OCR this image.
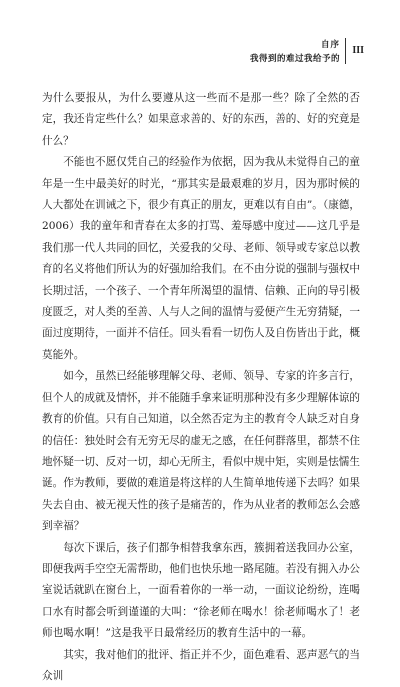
自序
我得到的难过我给予的
III

为什么要报从，为什么要遵从这一些而不是那一些？除了全然的否定，我还肯定些什么？如果意求善的、好的东西，善的、好的究竟是什么？

不能也不愿仅凭自己的经验作为依据，因为我从未觉得自己的童年是一生中最美好的时光，“那其实是最艰难的岁月，因为那时候的人大都处在训诫之下，很少有真正的朋友，更难以有自由”。（康德，2006）我的童年和青春在太多的打骂、羞辱感中度过——这几乎是我们那一代人共同的回忆，关爱我的父母、老师、领导或专家总以教育的名义将他们所认为的好强加给我们。在不由分说的强制与强权中长期过活，一个孩子、一个青年所渴望的温情、信赖、正向的导引极度匮乏，对人类的至善、人与人之间的温情与爱便产生无穷猜疑，一面过度期待，一面并不信任。回头看看一切伤人及自伤皆出于此，概莫能外。

如今，虽然已经能够理解父母、老师、领导、专家的许多言行，但个人的成就及情怀，并不能随手拿来证明那种没有多少理解体谅的教育的价值。只有自己知道，以全然否定为主的教育令人缺乏对自身的信任：独处时会有无穷无尽的虚无之感，在任何群落里，都禁不住地怀疑一切、反对一切，却心无所主，看似中规中矩，实则是怯懦生诞。作为教师，要做的难道是将这样的人生简单地传递下去吗？如果失去自由、被无视天性的孩子是痛苦的，作为从业者的教师怎么会感到幸福？

每次下课后，孩子们都争相替我拿东西，簇拥着送我回办公室，即便我两手空空无需帮助，他们也快乐地一路尾随。若没有拥入办公室说话就趴在窗台上，一面看着你的一举一动，一面议论纷纷，连喝口水有时都会听到谨谨的大叫：“徐老师在喝水！徐老师喝水了！老师也喝水啊！”这是我平日最常经历的教育生活中的一幕。

其实，我对他们的批评、指正并不少，面色难看、恶声恶气的当众训
